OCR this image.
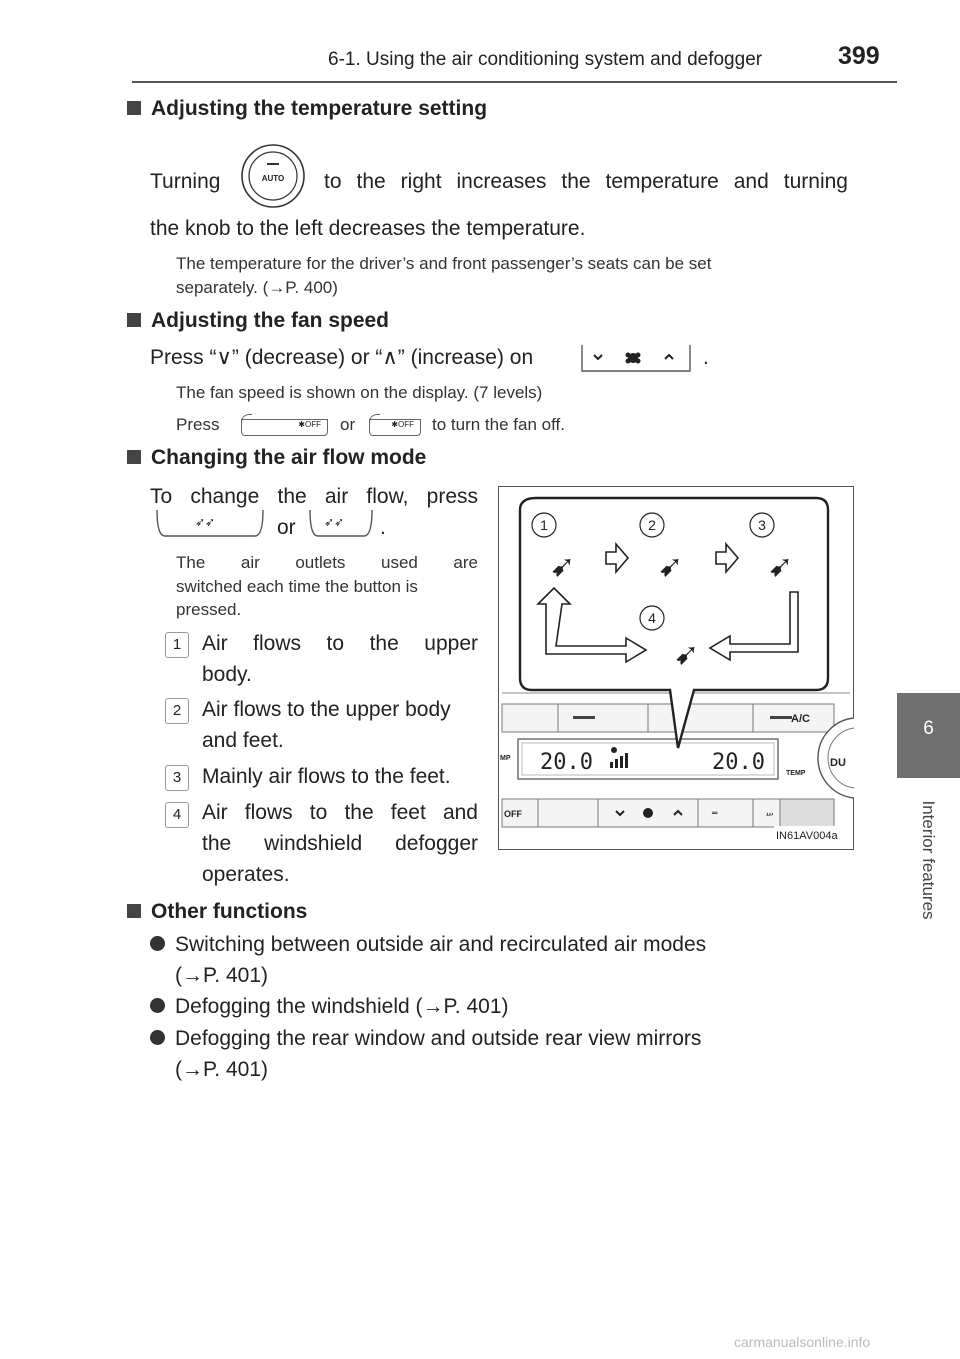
6-1. Using the air conditioning system and defogger	399
6
Interior features
Adjusting the temperature setting
Turning	AUTO to the right increases the temperature and turning
the knob to the left decreases the temperature.
The temperature for the driver’s and front passenger’s seats can be set
separately. (→P. 400)
Adjusting the fan speed
Press “∨” (decrease) or “∧” (increase) on	.
The fan speed is shown on the display. (7 levels)
Press	✱OFF	or	✱OFF	to turn the fan off.
Changing the air flow mode
To change the air flow, press
➶➶	or ➶➶ .
The air outlets used are
switched each time the button is
pressed.
1 Air flows to the upper
body.
2 Air flows to the upper body
and feet.
3 Mainly air flows to the feet.
4 Air flows to the feet and
the windshield defogger
operates.
A/C
20.0	20.0
MP
TEMP
OFF	═	ሠ
DU
1	2	3
4
➹	➹	➹
➹
IN61AV004a
Other functions
Switching between outside air and recirculated air modes
(→P. 401)
Defogging the windshield (→P. 401)
Defogging the rear window and outside rear view mirrors
(→P. 401)
carmanualsonline.info
